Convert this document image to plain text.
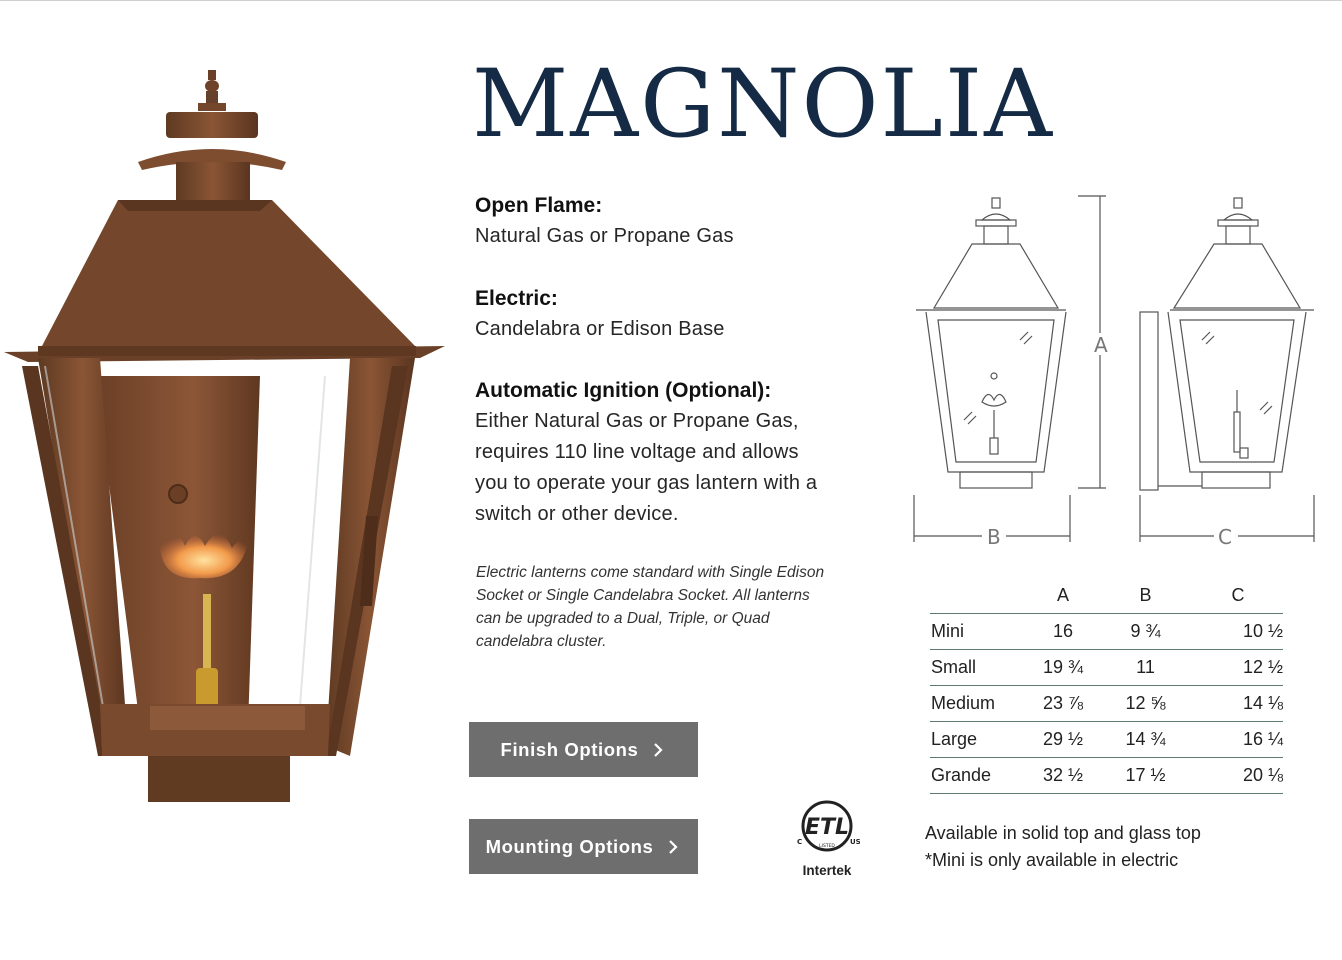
MAGNOLIA
Open Flame:

Natural Gas or Propane Gas

Electric:

Candelabra or Edison Base

Automatic Ignition (Optional):

Either Natural Gas or Propane Gas, requires 110 line voltage and allows you to operate your gas lantern with a switch or other device.

Electric lanterns come standard with Single Edison Socket or Single Candelabra Socket. All lanterns can be upgraded to a Dual, Triple, or Quad candelabra cluster.
Finish Options
Mounting Options
ETL
C	US
LISTED
Intertek
A
B	C
	A	B	C
Mini	16	9 ¾	10 ½
Small	19 ¾	11	12 ½
Medium	23 ⅞	12 ⅝	14 ⅛
Large	29 ½	14 ¾	16 ¼
Grande	32 ½	17 ½	20 ⅛
Available in solid top and glass top
*Mini is only available in electric
